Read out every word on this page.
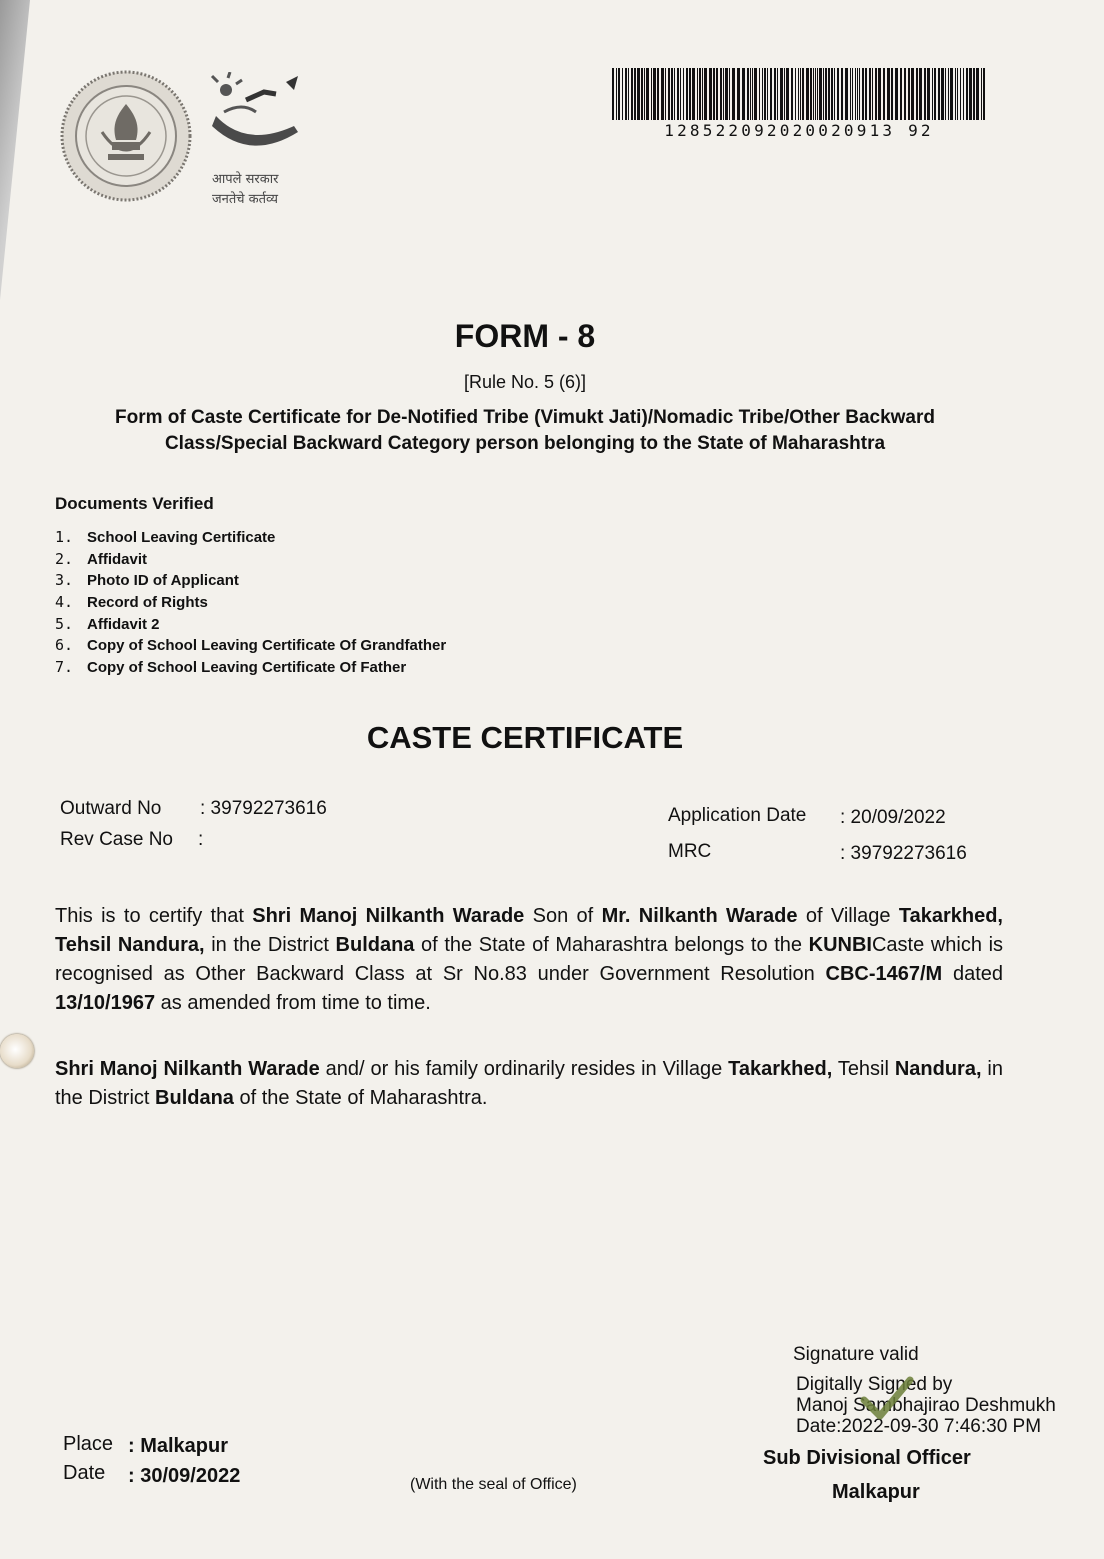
आपले सरकार
जनतेचे कर्तव्य
128522092020020913 92
FORM - 8
[Rule No. 5 (6)]
Form of Caste Certificate for De-Notified Tribe (Vimukt Jati)/Nomadic Tribe/Other Backward
Class/Special Backward Category person belonging to the State of Maharashtra
Documents Verified
1. School Leaving Certificate
2. Affidavit
3. Photo ID of Applicant
4. Record of Rights
5. Affidavit 2
6. Copy of School Leaving Certificate Of Grandfather
7. Copy of School Leaving Certificate Of Father
CASTE CERTIFICATE
Outward No : 39792273616
Rev Case No :
Application Date : 20/09/2022
MRC	: 39792273616
This is to certify that Shri Manoj Nilkanth Warade Son of Mr. Nilkanth Warade of Village Takarkhed, Tehsil Nandura, in the District Buldana of the State of Maharashtra belongs to the KUNBICaste which is recognised as Other Backward Class at Sr No.83 under Government Resolution CBC-1467/M dated 13/10/1967 as amended from time to time.
Shri Manoj Nilkanth Warade and/ or his family ordinarily resides in Village Takarkhed, Tehsil Nandura, in the District Buldana of the State of Maharashtra.
Place : Malkapur
Date : 30/09/2022	(With the seal of Office)
Signature valid
Digitally Signed by
Manoj Sambhajirao Deshmukh
Date:2022-09-30 7:46:30 PM
Sub Divisional Officer
Malkapur
